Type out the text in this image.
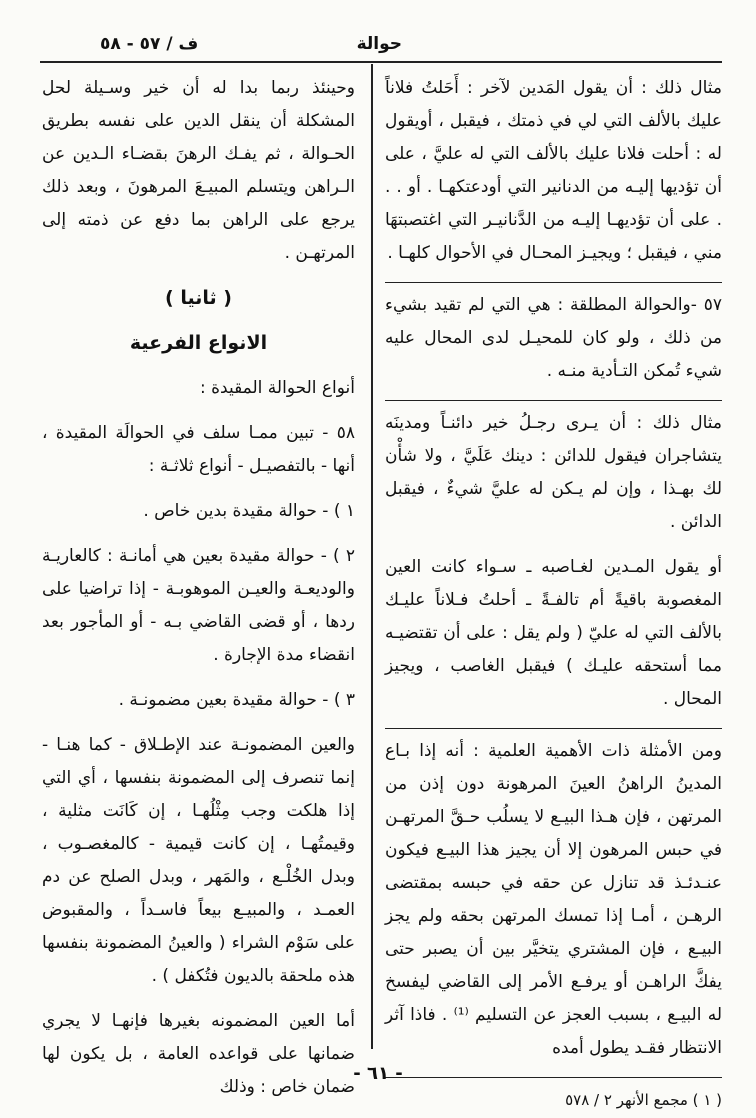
حوالة
ف / ٥٧ - ٥٨

مثال ذلك : أن يقول المَدين لآخر : أَحَلتُ فلاناً عليك بالألف التي لي في ذمتك ، فيقبل ، أويقول له : أحلت فلانا عليك بالألف التي له عليَّ ، على أن تؤديها إليـه من الدنانير التي أودعتكهـا . أو . . . على أن تؤديهـا إليـه من الدَّنانيـر التي اغتصبتهَا مني ، فيقبل ؛ ويجيـز المحـال في الأحوال كلهـا .

٥٧ -والحوالة المطلقة : هي التي لم تقيد بشيء من ذلك ، ولو كان للمحيـل لدى المحال عليه شيء تُمكن التـأدية منـه .

مثال ذلك : أن يـرى رجـلُ خير دائنـاً ومدينَه يتشاجران فيقول للدائن : دينك عَلَيَّ ، ولا شأْن لك بهـذا ، وإن لم يـكن له عليَّ شيءٌ ، فيقبل الدائن .

أو يقول المـدين لغـاصبه ـ سـواء كانت العين المغصوبة باقيةً أم تالفـةً ـ أحلتُ فـلاناً عليـك بالألف التي له عليّ ( ولم يقل : على أن تقتضيـه مما أستحقه عليـك ) فيقبل الغاصب ، ويجيز المحال .

ومن الأمثلة ذات الأهمية العلمية : أنه إذا بـاع المدينُ الراهنُ العينَ المرهونة دون إذن من المرتهن ، فإن هـذا البيـع لا يسلُب حـقَّ المرتهـن في حبس المرهون إلا أن يجيز هذا البيـع فيكون عنـدئـذ قد تنازل عن حقه في حبسه بمقتضى الرهـن ، أمـا إذا تمسك المرتهن بحقه ولم يجز البيـع ، فإن المشتري يتخيَّر بين أن يصبر حتى يفكَّ الراهـن أو يرفـع الأمر إلى القاضي ليفسخ له البيـع ، بسبب العجز عن التسليم ⁽¹⁾ . فاذا آثر الانتظار فقـد يطول أمده

( ١ ) مجمع الأنهر ٢ / ٥٧٨

وحينئذ ربما بدا له أن خير وسـيلة لحل المشكلة أن ينقل الدين على نفسه بطريق الحـوالة ، ثم يفـك الرهنَ بقضـاء الـدين عن الـراهن ويتسلم المبيـعَ المرهونَ ، وبعد ذلك يرجع على الراهن بما دفع عن ذمته إلى المرتهـن .

( ثانيا )

الانواع الفرعية

أنواع الحوالة المقيدة :

٥٨ - تبين ممـا سلف في الحوالَة المقيدة ، أنها - بالتفصيـل - أنواع ثلاثـة :

١ ) - حوالة مقيدة بدين خاص .

٢ ) - حوالة مقيدة بعين هي أمانـة : كالعاريـة والوديعـة والعيـن الموهوبـة - إذا تراضيا على ردها ، أو قضى القاضي بـه - أو المأجور بعد انقضاء مدة الإجارة .

٣ ) - حوالة مقيدة بعين مضمونـة .

والعين المضمونـة عند الإطـلاق - كما هنـا - إنما تنصرف إلى المضمونة بنفسها ، أي التي إذا هلكت وجب مِثْلُهـا ، إن كَانَت مثلية ، وقيمتُهـا ، إن كانت قيمية - كالمغصـوب ، وبدل الخُلْـع ، والمَهر ، وبدل الصلح عن دم العمـد ، والمبيـع بيعاً فاسـداً ، والمقبوض على سَوْم الشراء ( والعينُ المضمونة بنفسها هذه ملحقة بالديون فتُكفل ) .

أما العين المضمونه بغيرها فإنهـا لا يجري ضمانها على قواعده العامة ، بل يكون لها ضمان خاص : وذلك

- ٦١ -
